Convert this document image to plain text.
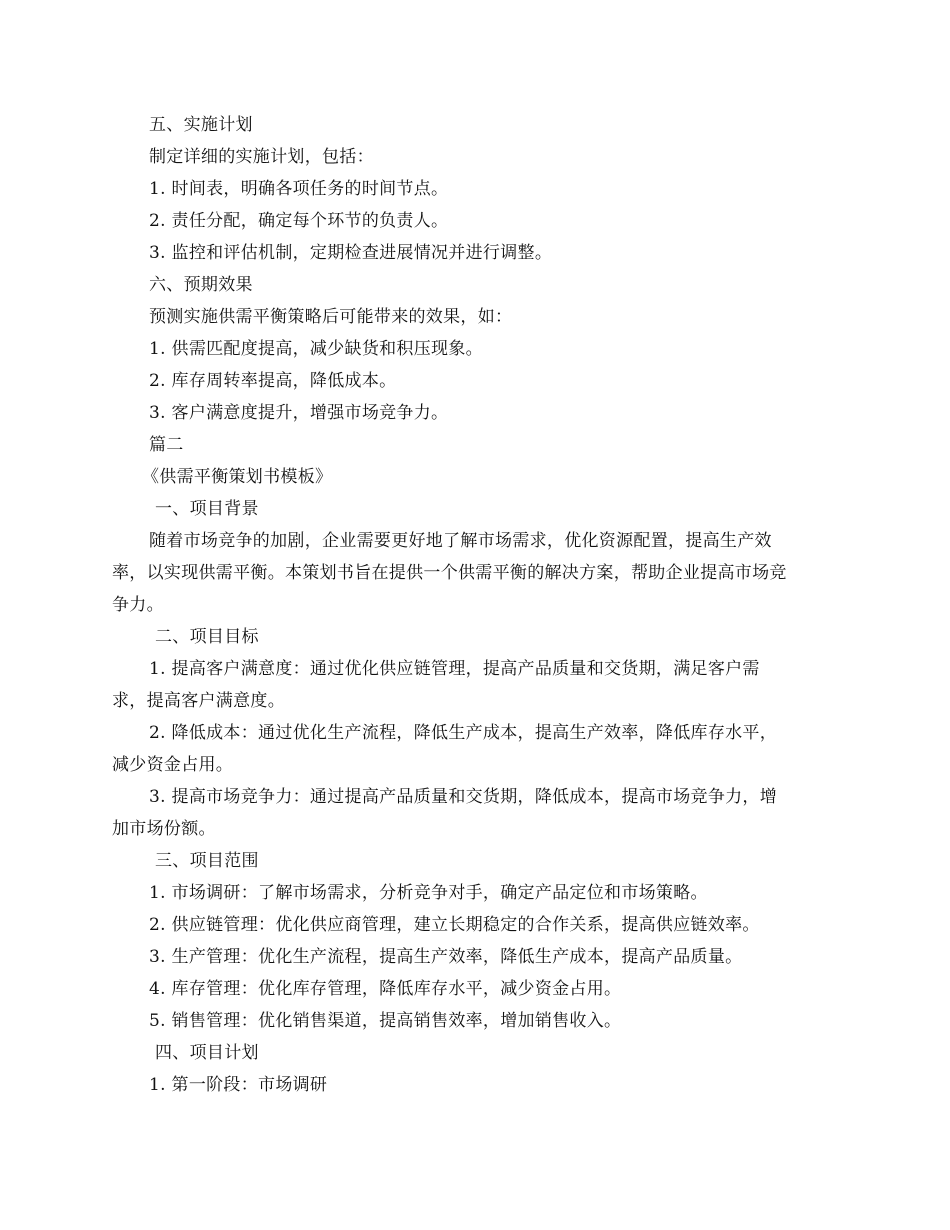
五、实施计划
制定详细的实施计划，包括：
1. 时间表，明确各项任务的时间节点。
2. 责任分配，确定每个环节的负责人。
3. 监控和评估机制，定期检查进展情况并进行调整。
六、预期效果
预测实施供需平衡策略后可能带来的效果，如：
1. 供需匹配度提高，减少缺货和积压现象。
2. 库存周转率提高，降低成本。
3. 客户满意度提升，增强市场竞争力。
篇二
《供需平衡策划书模板》
一、项目背景
随着市场竞争的加剧，企业需要更好地了解市场需求，优化资源配置，提高生产效
率，以实现供需平衡。本策划书旨在提供一个供需平衡的解决方案，帮助企业提高市场竞
争力。
二、项目目标
1. 提高客户满意度：通过优化供应链管理，提高产品质量和交货期，满足客户需
求，提高客户满意度。
2. 降低成本：通过优化生产流程，降低生产成本，提高生产效率，降低库存水平，
减少资金占用。
3. 提高市场竞争力：通过提高产品质量和交货期，降低成本，提高市场竞争力，增
加市场份额。
三、项目范围
1. 市场调研：了解市场需求，分析竞争对手，确定产品定位和市场策略。
2. 供应链管理：优化供应商管理，建立长期稳定的合作关系，提高供应链效率。
3. 生产管理：优化生产流程，提高生产效率，降低生产成本，提高产品质量。
4. 库存管理：优化库存管理，降低库存水平，减少资金占用。
5. 销售管理：优化销售渠道，提高销售效率，增加销售收入。
四、项目计划
1. 第一阶段：市场调研
